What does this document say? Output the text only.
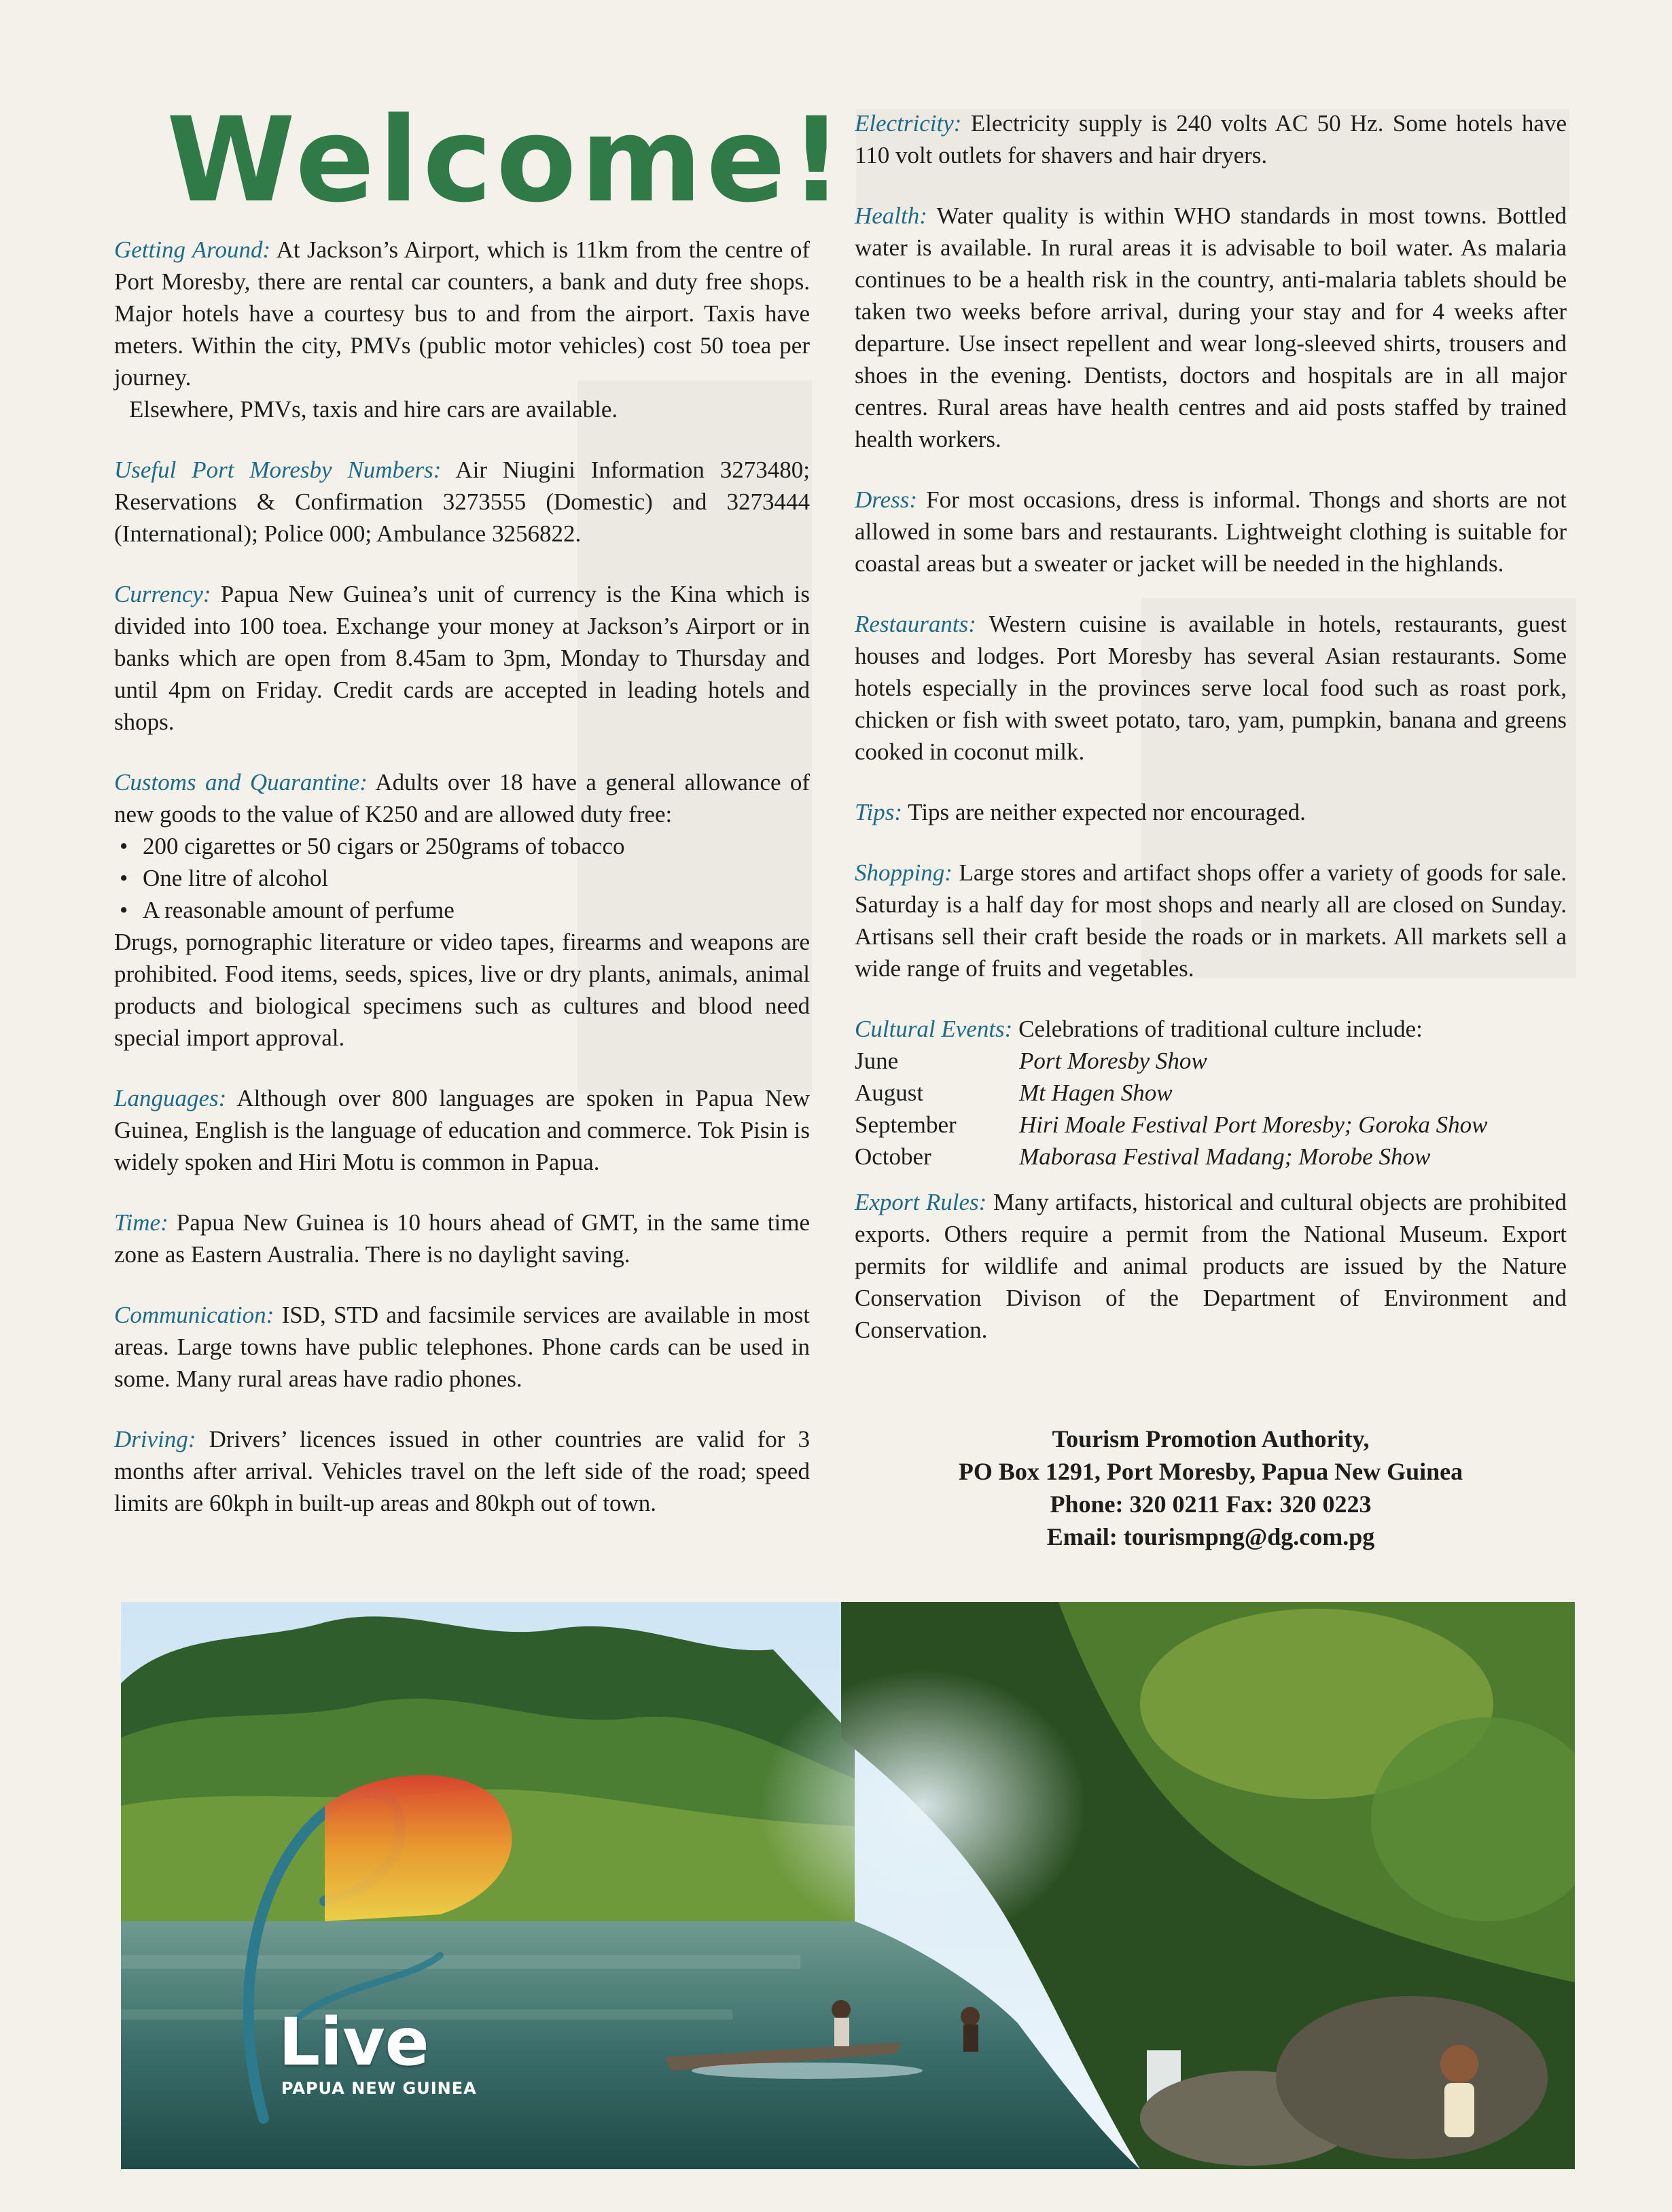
Welcome!

Getting Around: At Jackson’s Airport, which is 11km from the centre of Port Moresby, there are rental car counters, a bank and duty free shops. Major hotels have a courtesy bus to and from the airport. Taxis have meters. Within the city, PMVs (public motor vehicles) cost 50 toea per journey.

Elsewhere, PMVs, taxis and hire cars are available.

Useful Port Moresby Numbers: Air Niugini Information 3273480; Reservations & Confirmation 3273555 (Domestic) and 3273444 (International); Police 000; Ambulance 3256822.

Currency: Papua New Guinea’s unit of currency is the Kina which is divided into 100 toea. Exchange your money at Jackson’s Airport or in banks which are open from 8.45am to 3pm, Monday to Thursday and until 4pm on Friday. Credit cards are accepted in leading hotels and shops.

Customs and Quarantine: Adults over 18 have a general allowance of new goods to the value of K250 and are allowed duty free:

• 200 cigarettes or 50 cigars or 250grams of tobacco
• One litre of alcohol
• A reasonable amount of perfume

Drugs, pornographic literature or video tapes, firearms and weapons are prohibited. Food items, seeds, spices, live or dry plants, animals, animal products and biological specimens such as cultures and blood need special import approval.

Languages: Although over 800 languages are spoken in Papua New Guinea, English is the language of education and commerce. Tok Pisin is widely spoken and Hiri Motu is common in Papua.

Time: Papua New Guinea is 10 hours ahead of GMT, in the same time zone as Eastern Australia. There is no daylight saving.

Communication: ISD, STD and facsimile services are available in most areas. Large towns have public telephones. Phone cards can be used in some. Many rural areas have radio phones.

Driving: Drivers’ licences issued in other countries are valid for 3 months after arrival. Vehicles travel on the left side of the road; speed limits are 60kph in built-up areas and 80kph out of town.

Electricity: Electricity supply is 240 volts AC 50 Hz. Some hotels have 110 volt outlets for shavers and hair dryers.

Health: Water quality is within WHO standards in most towns. Bottled water is available. In rural areas it is advisable to boil water. As malaria continues to be a health risk in the country, anti-malaria tablets should be taken two weeks before arrival, during your stay and for 4 weeks after departure. Use insect repellent and wear long-sleeved shirts, trousers and shoes in the evening. Dentists, doctors and hospitals are in all major centres. Rural areas have health centres and aid posts staffed by trained health workers.

Dress: For most occasions, dress is informal. Thongs and shorts are not allowed in some bars and restaurants. Lightweight clothing is suitable for coastal areas but a sweater or jacket will be needed in the highlands.

Restaurants: Western cuisine is available in hotels, restaurants, guest houses and lodges. Port Moresby has several Asian restaurants. Some hotels especially in the provinces serve local food such as roast pork, chicken or fish with sweet potato, taro, yam, pumpkin, banana and greens cooked in coconut milk.

Tips: Tips are neither expected nor encouraged.

Shopping: Large stores and artifact shops offer a variety of goods for sale. Saturday is a half day for most shops and nearly all are closed on Sunday. Artisans sell their craft beside the roads or in markets. All markets sell a wide range of fruits and vegetables.

Cultural Events: Celebrations of traditional culture include:

June	Port Moresby Show
August	Mt Hagen Show
September	Hiri Moale Festival Port Moresby; Goroka Show
October	Maborasa Festival Madang; Morobe Show

Export Rules: Many artifacts, historical and cultural objects are prohibited exports. Others require a permit from the National Museum. Export permits for wildlife and animal products are issued by the Nature Conservation Divison of the Department of Environment and Conservation.

Tourism Promotion Authority,
PO Box 1291, Port Moresby, Papua New Guinea
Phone: 320 0211 Fax: 320 0223
Email: tourismpng@dg.com.pg
Live
PAPUA NEW GUINEA
